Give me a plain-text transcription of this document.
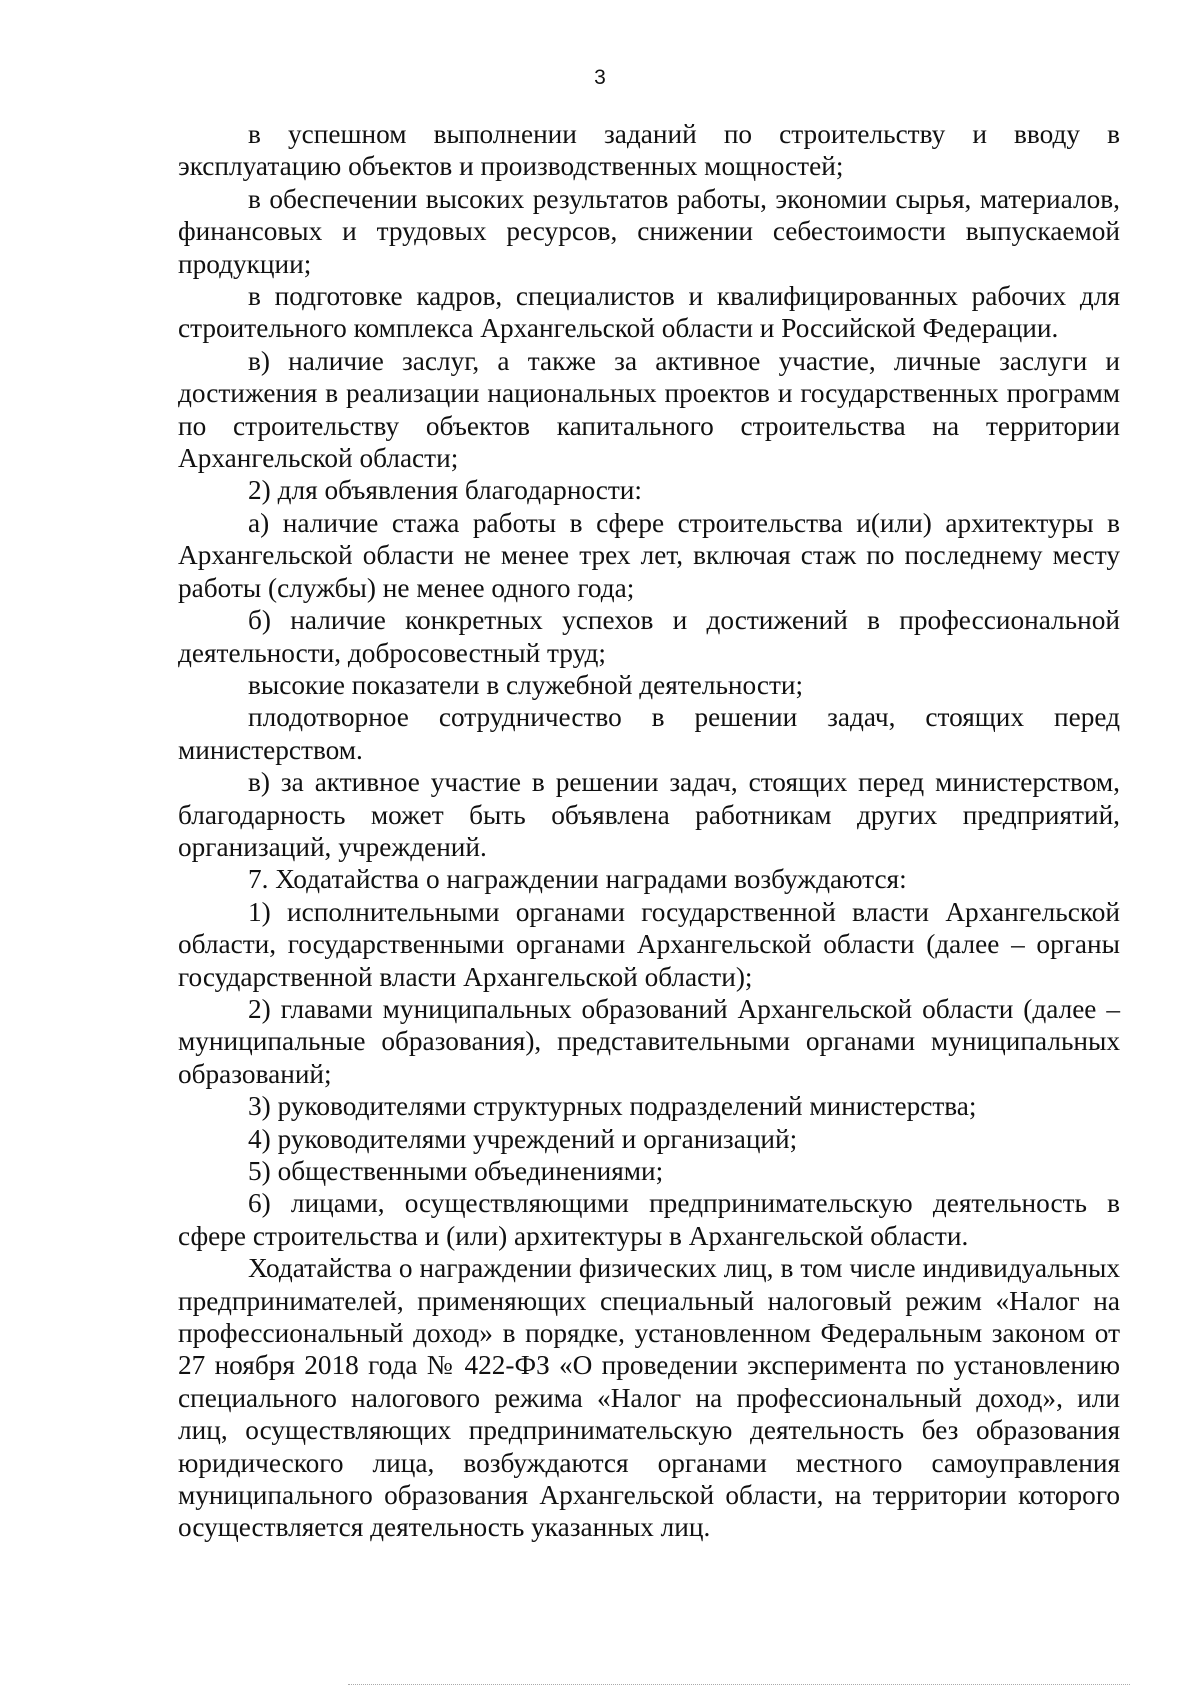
3

в успешном выполнении заданий по строительству и вводу в эксплуатацию объектов и производственных мощностей;

в обеспечении высоких результатов работы, экономии сырья, материалов, финансовых и трудовых ресурсов, снижении себестоимости выпускаемой продукции;

в подготовке кадров, специалистов и квалифицированных рабочих для строительного комплекса Архангельской области и Российской Федерации.

в) наличие заслуг, а также за активное участие, личные заслуги и достижения в реализации национальных проектов и государственных программ по строительству объектов капитального строительства на территории Архангельской области;

2) для объявления благодарности:

а) наличие стажа работы в сфере строительства и(или) архитектуры в Архангельской области не менее трех лет, включая стаж по последнему месту работы (службы) не менее одного года;

б) наличие конкретных успехов и достижений в профессиональной деятельности, добросовестный труд;

высокие показатели в служебной деятельности;

плодотворное сотрудничество в решении задач, стоящих перед министерством.

в) за активное участие в решении задач, стоящих перед министерством, благодарность может быть объявлена работникам других предприятий, организаций, учреждений.

7. Ходатайства о награждении наградами возбуждаются:

1) исполнительными органами государственной власти Архангельской области, государственными органами Архангельской области (далее – органы государственной власти Архангельской области);

2) главами муниципальных образований Архангельской области (далее – муниципальные образования), представительными органами муниципальных образований;

3) руководителями структурных подразделений министерства;

4) руководителями учреждений и организаций;

5) общественными объединениями;

6) лицами, осуществляющими предпринимательскую деятельность в сфере строительства и (или) архитектуры в Архангельской области.

Ходатайства о награждении физических лиц, в том числе индивидуальных предпринимателей, применяющих специальный налоговый режим «Налог на профессиональный доход» в порядке, установленном Федеральным законом от 27 ноября 2018 года № 422-ФЗ «О проведении эксперимента по установлению специального налогового режима «Налог на профессиональный доход», или лиц, осуществляющих предпринимательскую деятельность без образования юридического лица, возбуждаются органами местного самоуправления муниципального образования Архангельской области, на территории которого осуществляется деятельность указанных лиц.
